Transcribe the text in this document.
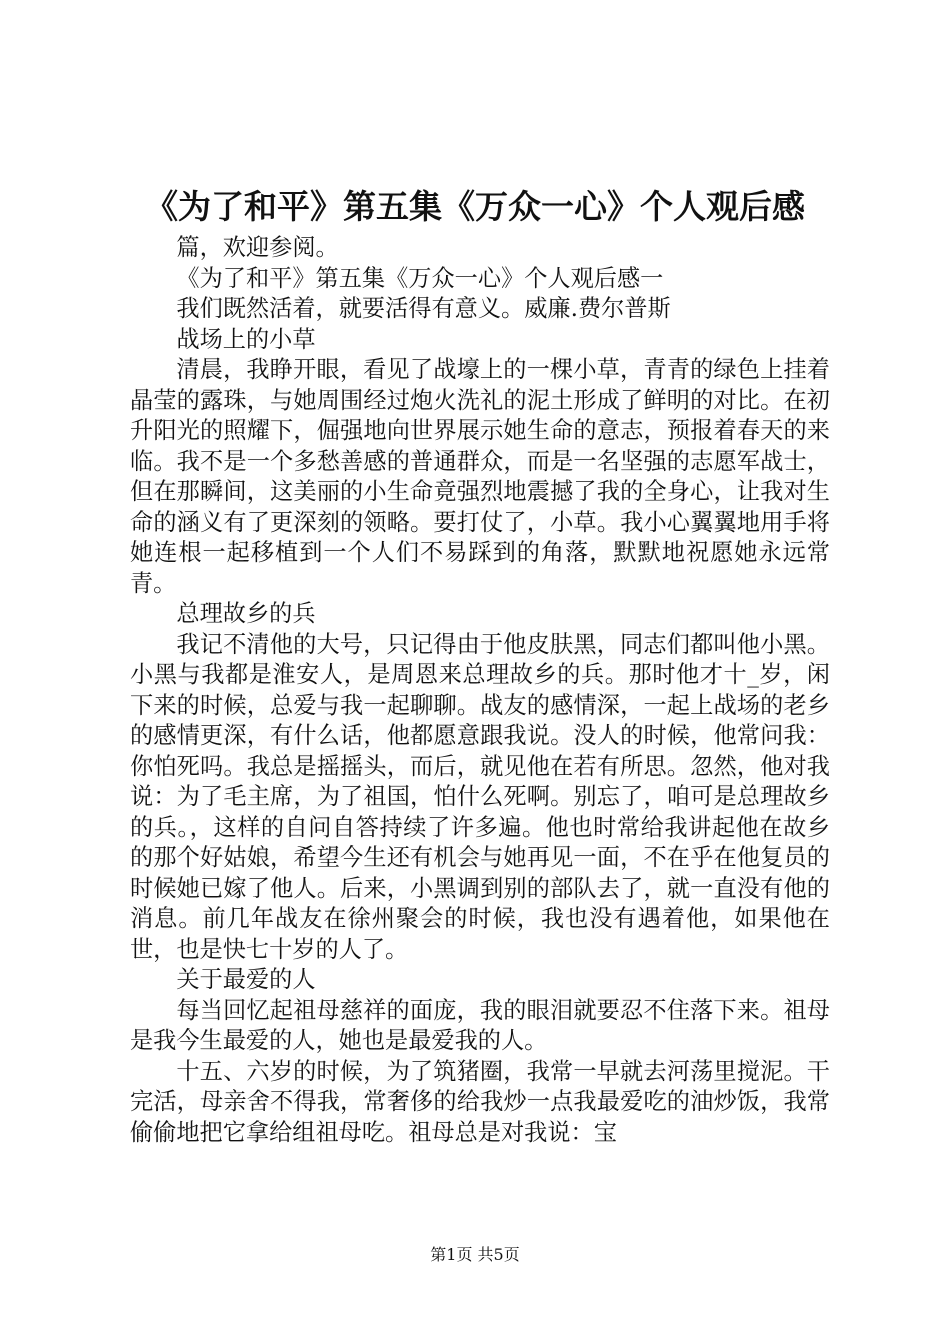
《为了和平》第五集《万众一心》个人观后感

篇，欢迎参阅。

《为了和平》第五集《万众一心》个人观后感一

我们既然活着，就要活得有意义。威廉.费尔普斯

战场上的小草

清晨，我睁开眼，看见了战壕上的一棵小草，青青的绿色上挂着晶莹的露珠，与她周围经过炮火洗礼的泥土形成了鲜明的对比。在初升阳光的照耀下，倔强地向世界展示她生命的意志，预报着春天的来临。我不是一个多愁善感的普通群众，而是一名坚强的志愿军战士，但在那瞬间，这美丽的小生命竟强烈地震撼了我的全身心，让我对生命的涵义有了更深刻的领略。要打仗了，小草。我小心翼翼地用手将她连根一起移植到一个人们不易踩到的角落，默默地祝愿她永远常青。

总理故乡的兵

我记不清他的大号，只记得由于他皮肤黑，同志们都叫他小黑。小黑与我都是淮安人，是周恩来总理故乡的兵。那时他才十_岁，闲下来的时候，总爱与我一起聊聊。战友的感情深，一起上战场的老乡的感情更深，有什么话，他都愿意跟我说。没人的时候，他常问我：你怕死吗。我总是摇摇头，而后，就见他在若有所思。忽然，他对我说：为了毛主席，为了祖国，怕什么死啊。别忘了，咱可是总理故乡的兵。，这样的自问自答持续了许多遍。他也时常给我讲起他在故乡的那个好姑娘，希望今生还有机会与她再见一面，不在乎在他复员的时候她已嫁了他人。后来，小黑调到别的部队去了，就一直没有他的消息。前几年战友在徐州聚会的时候，我也没有遇着他，如果他在世，也是快七十岁的人了。

关于最爱的人

每当回忆起祖母慈祥的面庞，我的眼泪就要忍不住落下来。祖母是我今生最爱的人，她也是最爱我的人。

十五、六岁的时候，为了筑猪圈，我常一早就去河荡里搅泥。干完活，母亲舍不得我，常奢侈的给我炒一点我最爱吃的油炒饭，我常偷偷地把它拿给组祖母吃。祖母总是对我说：宝

第1页 共5页
